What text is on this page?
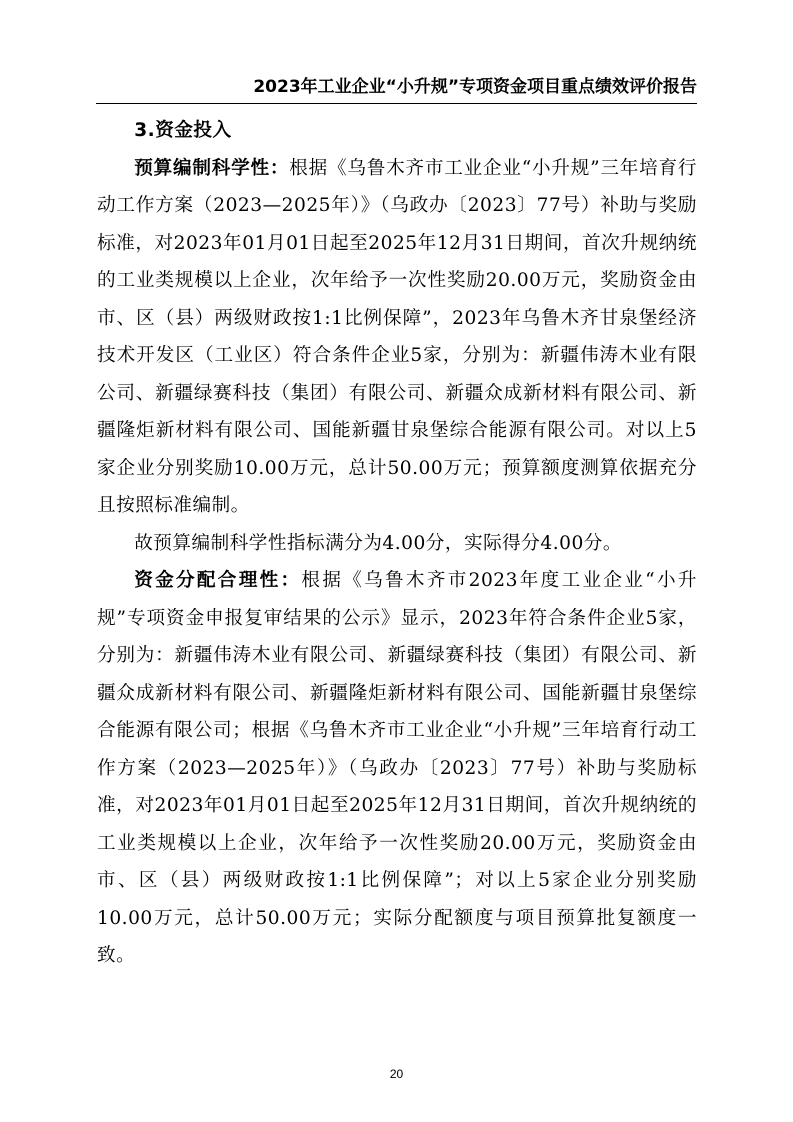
2023年工业企业“小升规”专项资金项目重点绩效评价报告

3.资金投入

预算编制科学性：根据《乌鲁木齐市工业企业“小升规”三年培育行动工作方案（2023—2025年）》（乌政办〔2023〕77号）补助与奖励标准，对2023年01月01日起至2025年12月31日期间，首次升规纳统的工业类规模以上企业，次年给予一次性奖励20.00万元，奖励资金由市、区（县）两级财政按1:1比例保障”，2023年乌鲁木齐甘泉堡经济技术开发区（工业区）符合条件企业5家，分别为：新疆伟涛木业有限公司、新疆绿赛科技（集团）有限公司、新疆众成新材料有限公司、新疆隆炬新材料有限公司、国能新疆甘泉堡综合能源有限公司。对以上5家企业分别奖励10.00万元，总计50.00万元；预算额度测算依据充分且按照标准编制。

故预算编制科学性指标满分为4.00分，实际得分4.00分。

资金分配合理性：根据《乌鲁木齐市2023年度工业企业“小升规”专项资金申报复审结果的公示》显示，2023年符合条件企业5家，分别为：新疆伟涛木业有限公司、新疆绿赛科技（集团）有限公司、新疆众成新材料有限公司、新疆隆炬新材料有限公司、国能新疆甘泉堡综合能源有限公司；根据《乌鲁木齐市工业企业“小升规”三年培育行动工作方案（2023—2025年）》（乌政办〔2023〕77号）补助与奖励标准，对2023年01月01日起至2025年12月31日期间，首次升规纳统的工业类规模以上企业，次年给予一次性奖励20.00万元，奖励资金由市、区（县）两级财政按1:1比例保障”；对以上5家企业分别奖励10.00万元，总计50.00万元；实际分配额度与项目预算批复额度一致。

20
